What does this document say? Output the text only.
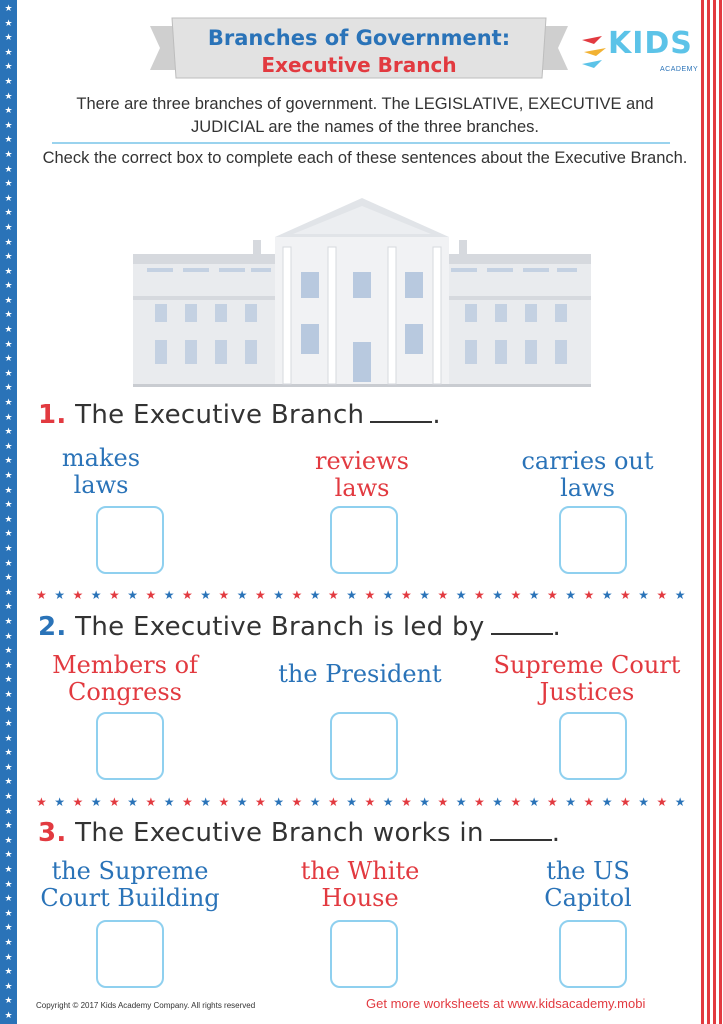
★
★
★
★
★
★
★
★
★
★
★
★
★
★
★
★
★
★
★
★
★
★
★
★
★
★
★
★
★
★
★
★
★
★
★
★
★
★
★
★
★
★
★
★
★
★
★
★
★
★
★
★
★
★
★
★
★
★
★
★
★
★
★
★
★
★
★
★
★
★
Branches of Government:
Executive Branch
KIDS
ACADEMY
There are three branches of government. The LEGISLATIVE, EXECUTIVE and JUDICIAL are the names of the three branches.
Check the correct box to complete each of these sentences about the Executive Branch.
1. The Executive Branch	.
makes laws
reviews laws
carries out laws
★ ★ ★ ★ ★ ★ ★ ★ ★ ★ ★ ★ ★ ★ ★ ★ ★ ★ ★ ★ ★ ★ ★ ★ ★ ★ ★ ★ ★ ★ ★ ★ ★ ★ ★ ★
2. The Executive Branch is led by	.
Members of Congress
the President	Supreme Court Justices
★ ★ ★ ★ ★ ★ ★ ★ ★ ★ ★ ★ ★ ★ ★ ★ ★ ★ ★ ★ ★ ★ ★ ★ ★ ★ ★ ★ ★ ★ ★ ★ ★ ★ ★ ★
3. The Executive Branch works in	.
the Supreme Court Building
the White House
the US Capitol
Copyright © 2017 Kids Academy Company. All rights reserved	Get more worksheets at www.kidsacademy.mobi
